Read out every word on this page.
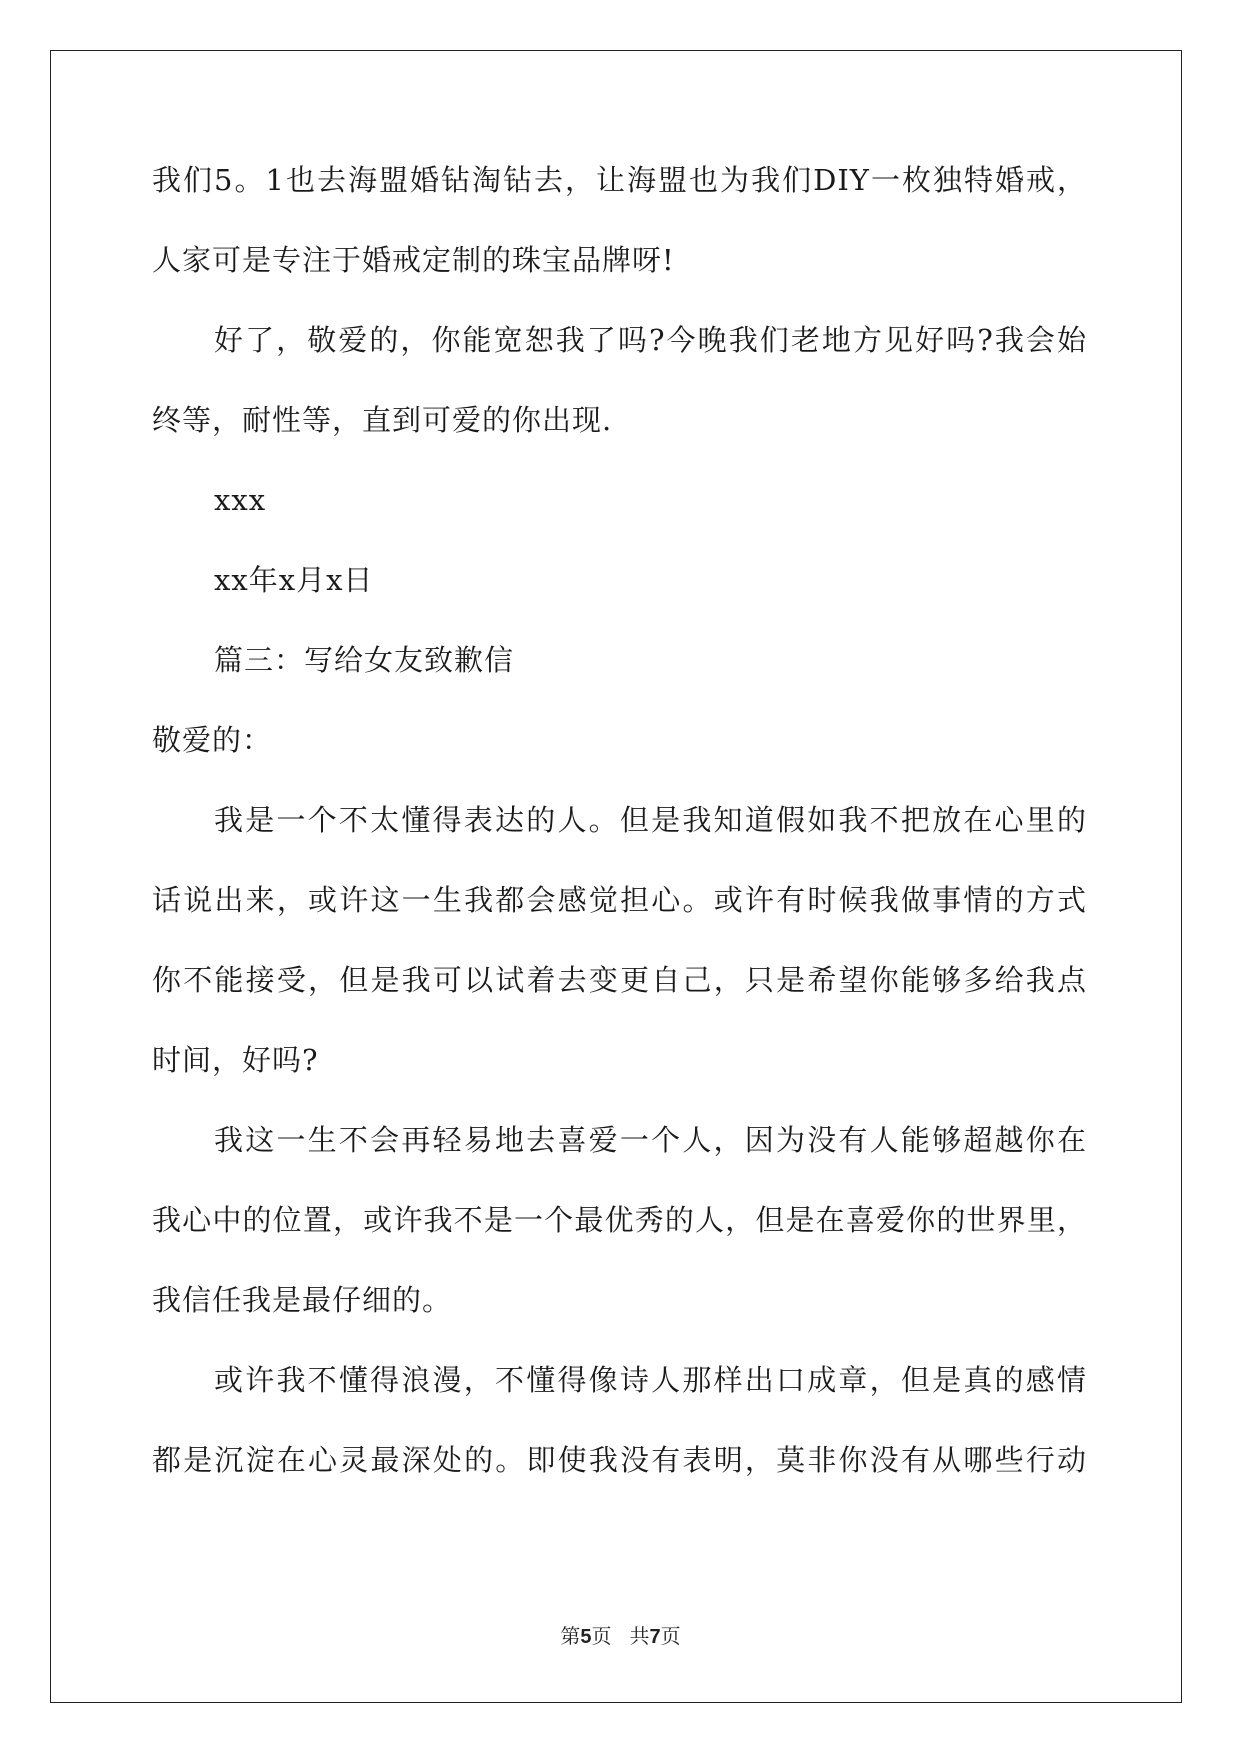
我们5。1也去海盟婚钻淘钻去，让海盟也为我们DIY一枚独特婚戒，
人家可是专注于婚戒定制的珠宝品牌呀!
好了，敬爱的，你能宽恕我了吗?今晚我们老地方见好吗?我会始
终等，耐性等，直到可爱的你出现.
xxx
xx年x月x日
篇三：写给女友致歉信
敬爱的：
我是一个不太懂得表达的人。但是我知道假如我不把放在心里的
话说出来，或许这一生我都会感觉担心。或许有时候我做事情的方式
你不能接受，但是我可以试着去变更自己，只是希望你能够多给我点
时间，好吗?
我这一生不会再轻易地去喜爱一个人，因为没有人能够超越你在
我心中的位置，或许我不是一个最优秀的人，但是在喜爱你的世界里，
我信任我是最仔细的。
或许我不懂得浪漫，不懂得像诗人那样出口成章，但是真的感情
都是沉淀在心灵最深处的。即使我没有表明，莫非你没有从哪些行动
第5页 共7页
